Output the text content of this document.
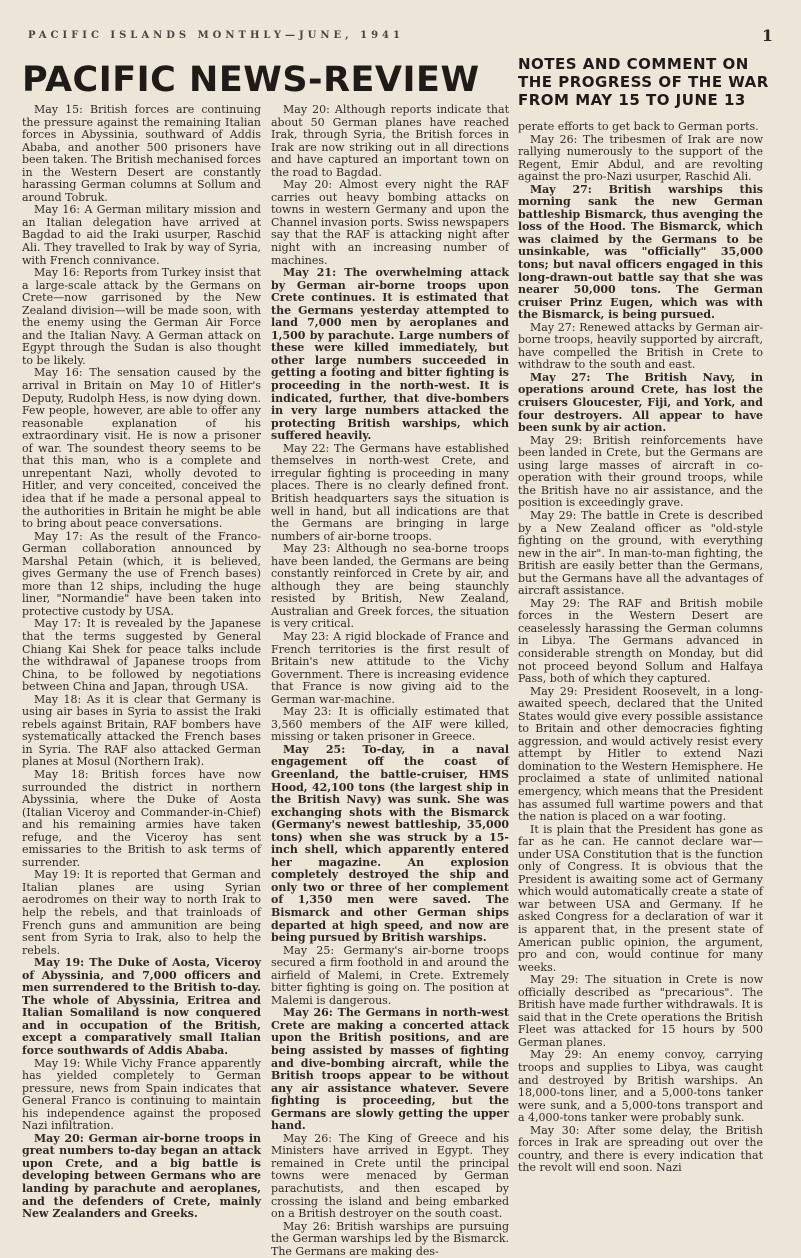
PACIFIC ISLANDS MONTHLY—JUNE, 1941	1
PACIFIC NEWS-REVIEW	NOTES AND COMMENT ON THE PROGRESS OF THE WAR FROM MAY 15 TO JUNE 13

May 15: British forces are continuing the pressure against the remaining Italian forces in Abyssinia, southward of Addis Ababa, and another 500 prisoners have been taken. The British mechanised forces in the Western Desert are constantly harassing German columns at Sollum and around Tobruk.

May 16: A German military mission and an Italian delegation have arrived at Bagdad to aid the Iraki usurper, Raschid Ali. They travelled to Irak by way of Syria, with French connivance.

May 16: Reports from Turkey insist that a large-scale attack by the Germans on Crete—now garrisoned by the New Zealand division—will be made soon, with the enemy using the German Air Force and the Italian Navy. A German attack on Egypt through the Sudan is also thought to be likely.

May 16: The sensation caused by the arrival in Britain on May 10 of Hitler's Deputy, Rudolph Hess, is now dying down. Few people, however, are able to offer any reasonable explanation of his extraordinary visit. He is now a prisoner of war. The soundest theory seems to be that this man, who is a complete and unrepentant Nazi, wholly devoted to Hitler, and very conceited, conceived the idea that if he made a personal appeal to the authorities in Britain he might be able to bring about peace conversations.

May 17: As the result of the Franco-German collaboration announced by Marshal Petain (which, it is believed, gives Germany the use of French bases) more than 12 ships, including the huge liner, "Normandie" have been taken into protective custody by USA.

May 17: It is revealed by the Japanese that the terms suggested by General Chiang Kai Shek for peace talks include the withdrawal of Japanese troops from China, to be followed by negotiations between China and Japan, through USA.

May 18: As it is clear that Germany is using air bases in Syria to assist the Iraki rebels against Britain, RAF bombers have systematically attacked the French bases in Syria. The RAF also attacked German planes at Mosul (Northern Irak).

May 18: British forces have now surrounded the district in northern Abyssinia, where the Duke of Aosta (Italian Viceroy and Commander-in-Chief) and his remaining armies have taken refuge, and the Viceroy has sent emissaries to the British to ask terms of surrender.

May 19: It is reported that German and Italian planes are using Syrian aerodromes on their way to north Irak to help the rebels, and that trainloads of French guns and ammunition are being sent from Syria to Irak, also to help the rebels.

May 19: The Duke of Aosta, Viceroy of Abyssinia, and 7,000 officers and men surrendered to the British to-day. The whole of Abyssinia, Eritrea and Italian Somaliland is now conquered and in occupation of the British, except a comparatively small Italian force southwards of Addis Ababa.

May 19: While Vichy France apparently has yielded completely to German pressure, news from Spain indicates that General Franco is continuing to maintain his independence against the proposed Nazi infiltration.

May 20: German air-borne troops in great numbers to-day began an attack upon Crete, and a big battle is developing between Germans who are landing by parachute and aeroplanes, and the defenders of Crete, mainly New Zealanders and Greeks.

May 20: Although reports indicate that about 50 German planes have reached Irak, through Syria, the British forces in Irak are now striking out in all directions and have captured an important town on the road to Bagdad.

May 20: Almost every night the RAF carries out heavy bombing attacks on towns in western Germany and upon the Channel invasion ports. Swiss newspapers say that the RAF is attacking night after night with an increasing number of machines.

May 21: The overwhelming attack by German air-borne troops upon Crete continues. It is estimated that the Germans yesterday attempted to land 7,000 men by aeroplanes and 1,500 by parachute. Large numbers of these were killed immediately, but other large numbers succeeded in getting a footing and bitter fighting is proceeding in the north-west. It is indicated, further, that dive-bombers in very large numbers attacked the protecting British warships, which suffered heavily.

May 22: The Germans have established themselves in north-west Crete, and irregular fighting is proceeding in many places. There is no clearly defined front. British headquarters says the situation is well in hand, but all indications are that the Germans are bringing in large numbers of air-borne troops.

May 23: Although no sea-borne troops have been landed, the Germans are being constantly reinforced in Crete by air, and although they are being staunchly resisted by British, New Zealand, Australian and Greek forces, the situation is very critical.

May 23: A rigid blockade of France and French territories is the first result of Britain's new attitude to the Vichy Government. There is increasing evidence that France is now giving aid to the German war-machine.

May 23: It is officially estimated that 3,560 members of the AIF were killed, missing or taken prisoner in Greece.

May 25: To-day, in a naval engagement off the coast of Greenland, the battle-cruiser, HMS Hood, 42,100 tons (the largest ship in the British Navy) was sunk. She was exchanging shots with the Bismarck (Germany's newest battleship, 35,000 tons) when she was struck by a 15-inch shell, which apparently entered her magazine. An explosion completely destroyed the ship and only two or three of her complement of 1,350 men were saved. The Bismarck and other German ships departed at high speed, and now are being pursued by British warships.

May 25: Germany's air-borne troops secured a firm foothold in and around the airfield of Malemi, in Crete. Extremely bitter fighting is going on. The position at Malemi is dangerous.

May 26: The Germans in north-west Crete are making a concerted attack upon the British positions, and are being assisted by masses of fighting and dive-bombing aircraft, while the British troops appear to be without any air assistance whatever. Severe fighting is proceeding, but the Germans are slowly getting the upper hand.

May 26: The King of Greece and his Ministers have arrived in Egypt. They remained in Crete until the principal towns were menaced by German parachutists, and then escaped by crossing the island and being embarked on a British destroyer on the south coast.

May 26: British warships are pursuing the German warships led by the Bismarck. The Germans are making des-

perate efforts to get back to German ports.

May 26: The tribesmen of Irak are now rallying numerously to the support of the Regent, Emir Abdul, and are revolting against the pro-Nazi usurper, Raschid Ali.

May 27: British warships this morning sank the new German battleship Bismarck, thus avenging the loss of the Hood. The Bismarck, which was claimed by the Germans to be unsinkable, was "officially" 35,000 tons; but naval officers engaged in this long-drawn-out battle say that she was nearer 50,000 tons. The German cruiser Prinz Eugen, which was with the Bismarck, is being pursued.

May 27: Renewed attacks by German air-borne troops, heavily supported by aircraft, have compelled the British in Crete to withdraw to the south and east.

May 27: The British Navy, in operations around Crete, has lost the cruisers Gloucester, Fiji, and York, and four destroyers. All appear to have been sunk by air action.

May 29: British reinforcements have been landed in Crete, but the Germans are using large masses of aircraft in co-operation with their ground troops, while the British have no air assistance, and the position is exceedingly grave.

May 29: The battle in Crete is described by a New Zealand officer as "old-style fighting on the ground, with everything new in the air". In man-to-man fighting, the British are easily better than the Germans, but the Germans have all the advantages of aircraft assistance.

May 29: The RAF and British mobile forces in the Western Desert are ceaselessly harassing the German columns in Libya. The Germans advanced in considerable strength on Monday, but did not proceed beyond Sollum and Halfaya Pass, both of which they captured.

May 29: President Roosevelt, in a long-awaited speech, declared that the United States would give every possible assistance to Britain and other democracies fighting aggression, and would actively resist every attempt by Hitler to extend Nazi domination to the Western Hemisphere. He proclaimed a state of unlimited national emergency, which means that the President has assumed full wartime powers and that the nation is placed on a war footing.

It is plain that the President has gone as far as he can. He cannot declare war—under USA Constitution that is the function only of Congress. It is obvious that the President is awaiting some act of Germany which would automatically create a state of war between USA and Germany. If he asked Congress for a declaration of war it is apparent that, in the present state of American public opinion, the argument, pro and con, would continue for many weeks.

May 29: The situation in Crete is now officially described as "precarious". The British have made further withdrawals. It is said that in the Crete operations the British Fleet was attacked for 15 hours by 500 German planes.

May 29: An enemy convoy, carrying troops and supplies to Libya, was caught and destroyed by British warships. An 18,000-tons liner, and a 5,000-tons tanker were sunk, and a 5,000-tons transport and a 4,000-tons tanker were probably sunk.

May 30: After some delay, the British forces in Irak are spreading out over the country, and there is every indication that the revolt will end soon. Nazi
